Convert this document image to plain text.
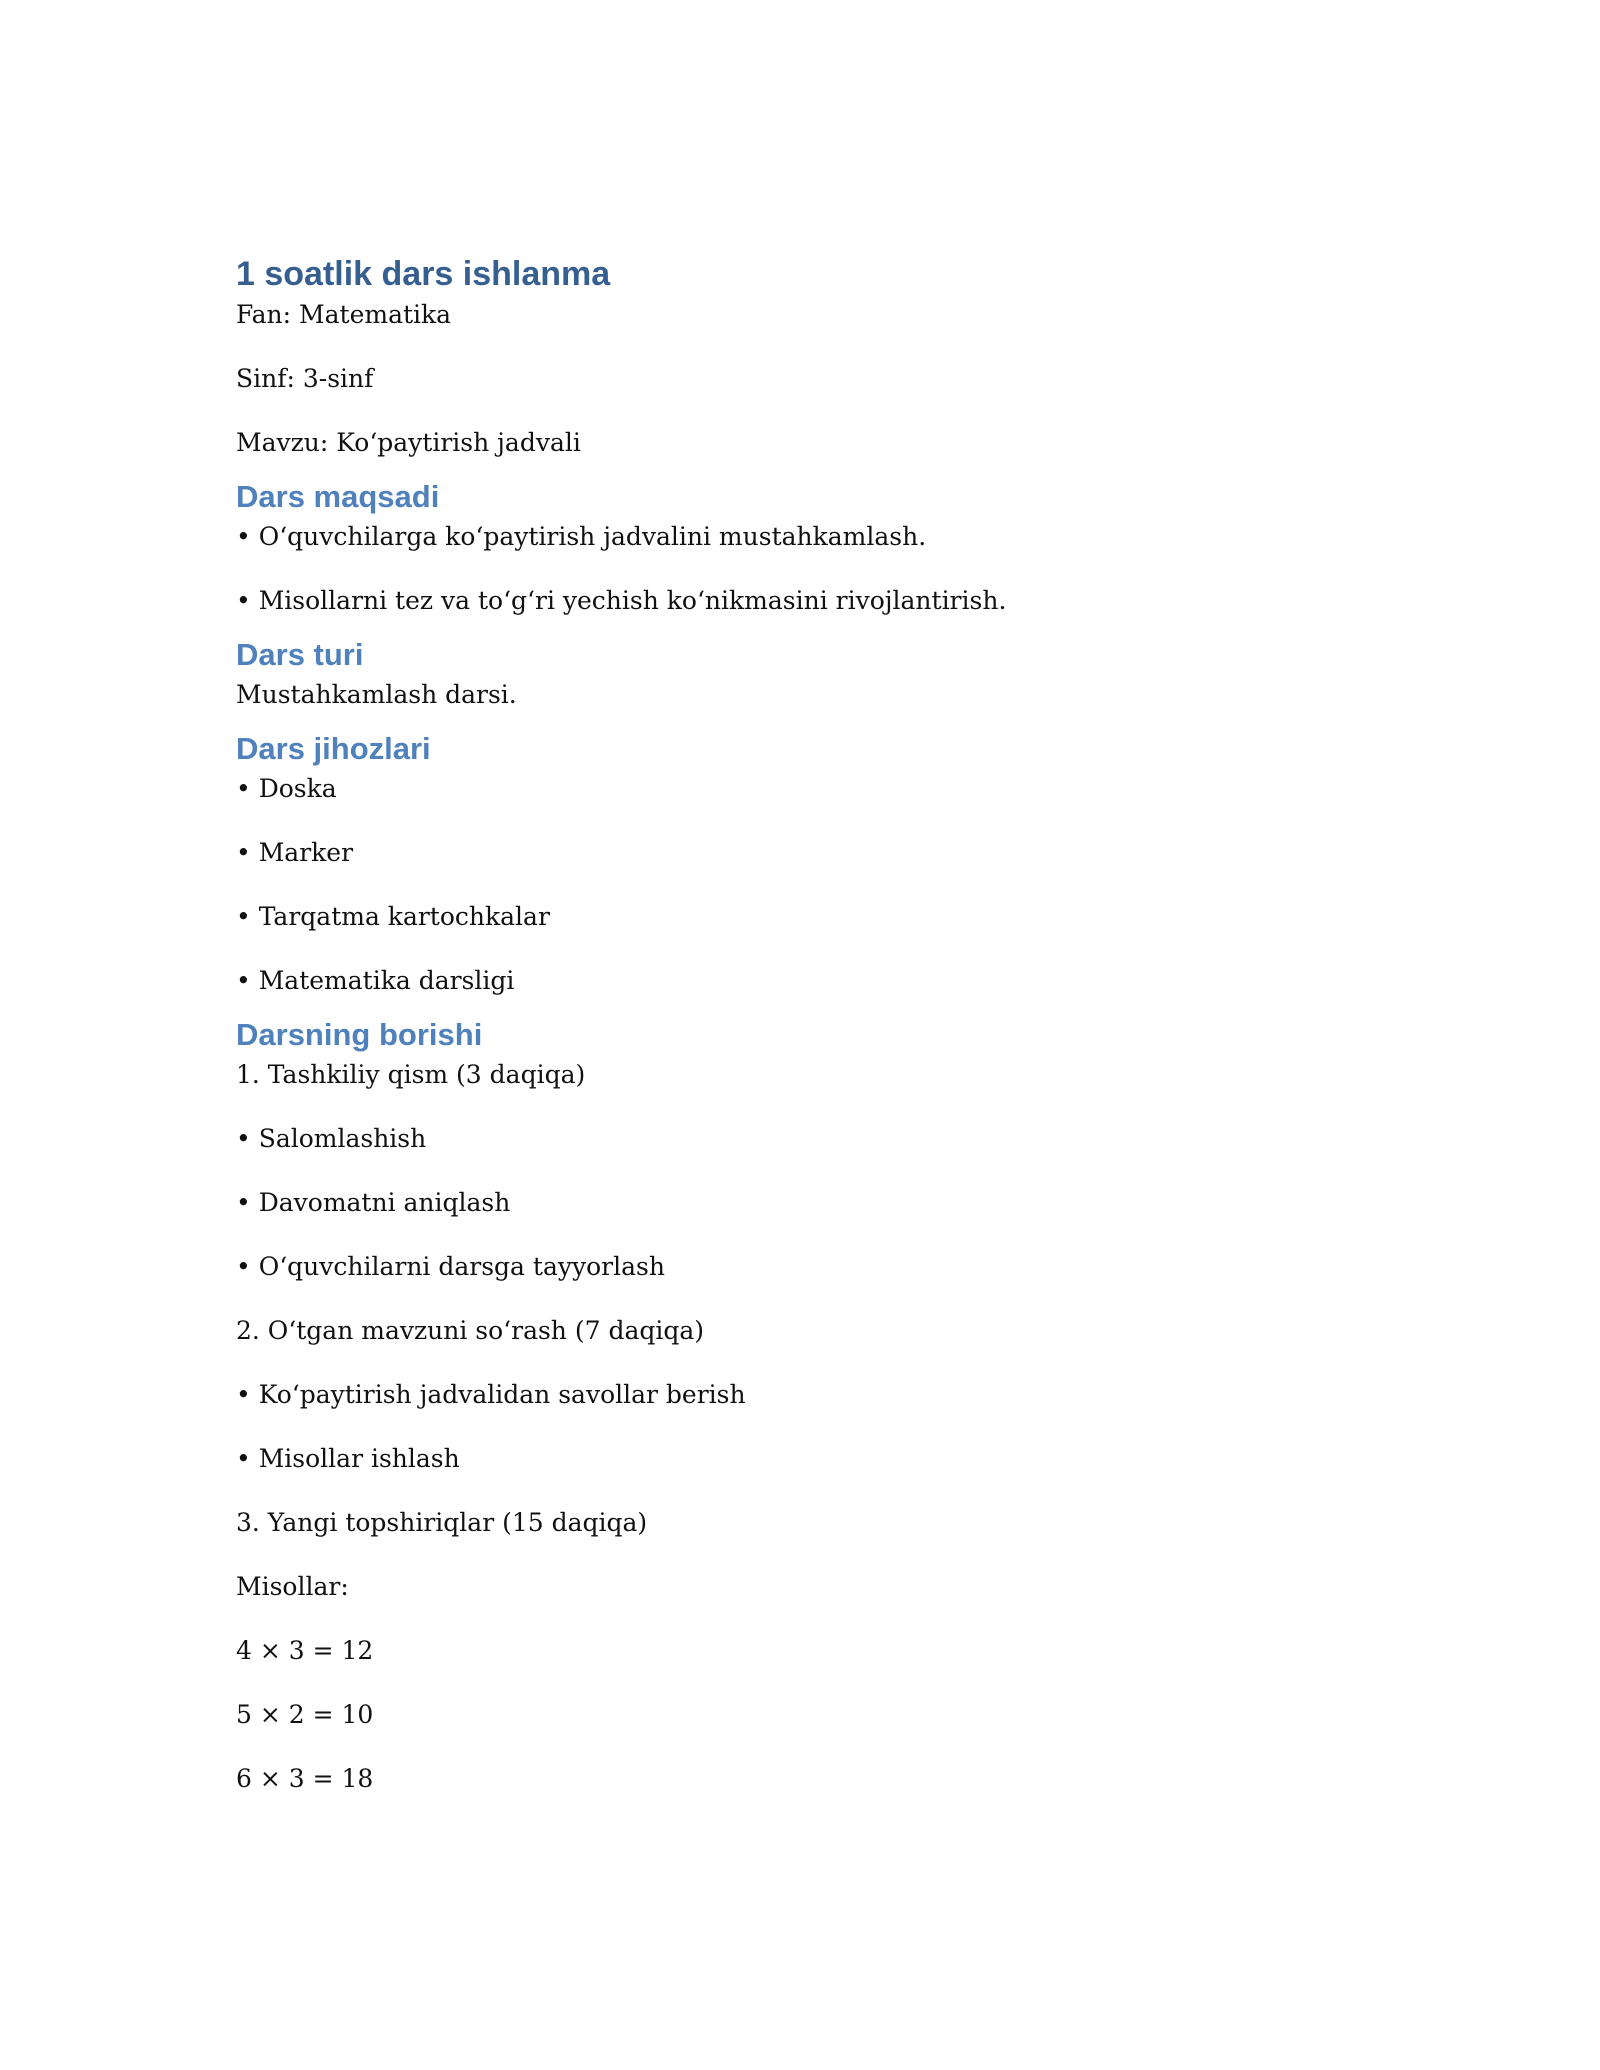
1 soatlik dars ishlanma

Fan: Matematika

Sinf: 3-sinf

Mavzu: Ko‘paytirish jadvali

Dars maqsadi

• O‘quvchilarga ko‘paytirish jadvalini mustahkamlash.

• Misollarni tez va to‘g‘ri yechish ko‘nikmasini rivojlantirish.

Dars turi

Mustahkamlash darsi.

Dars jihozlari

• Doska

• Marker

• Tarqatma kartochkalar

• Matematika darsligi

Darsning borishi

1. Tashkiliy qism (3 daqiqa)

• Salomlashish

• Davomatni aniqlash

• O‘quvchilarni darsga tayyorlash

2. O‘tgan mavzuni so‘rash (7 daqiqa)

• Ko‘paytirish jadvalidan savollar berish

• Misollar ishlash

3. Yangi topshiriqlar (15 daqiqa)

Misollar:

4 × 3 = 12

5 × 2 = 10

6 × 3 = 18
